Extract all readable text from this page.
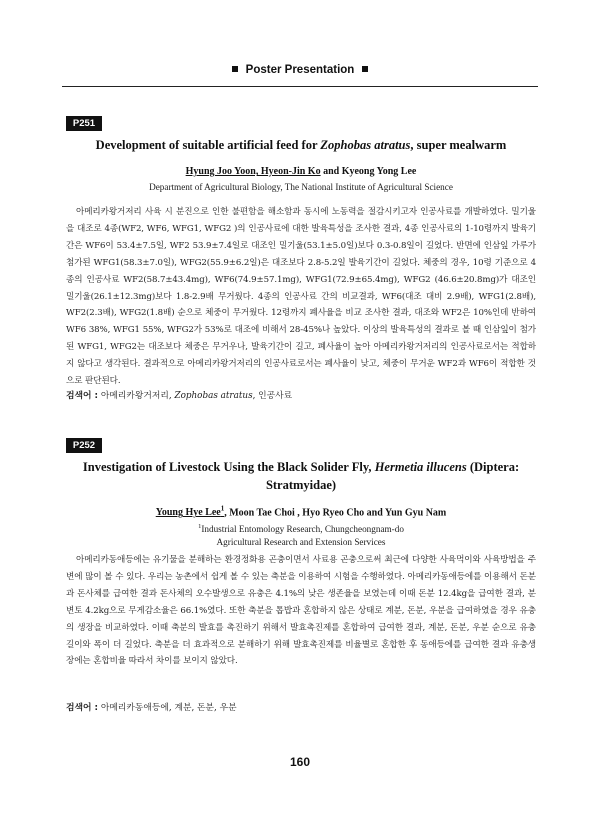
Poster Presentation
P251
Development of suitable artificial feed for Zophobas atratus, super mealwarm
Hyung Joo Yoon, Hyeon-Jin Ko and Kyeong Yong Lee
Department of Agricultural Biology, The National Institute of Agricultural Science
아메리카왕거저리 사육 시 분진으로 인한 불편함을 해소함과 동시에 노동력을 절감시키고자 인공사료를 개발하였다. 밀기울을 대조로 4종(WF2, WF6, WFG1, WFG2 )의 인공사료에 대한 발육특성을 조사한 결과, 4종 인공사료의 1-10령까지 발육기간은 WF6이 53.4±7.5일, WF2 53.9±7.4일로 대조인 밀기울(53.1±5.0일)보다 0.3-0.8일이 길었다. 반면에 인삼잎 가루가 첨가된 WFG1(58.3±7.0일), WFG2(55.9±6.2일)은 대조보다 2.8-5.2일 발육기간이 길었다. 체중의 경우, 10령 기준으로 4종의 인공사료 WF2(58.7±43.4mg), WF6(74.9±57.1mg), WFG1(72.9±65.4mg), WFG2 (46.6±20.8mg)가 대조인 밀기울(26.1±12.3mg)보다 1.8-2.9배 무거웠다. 4종의 인공사료 간의 비교결과, WF6(대조 대비 2.9배), WFG1(2.8배), WF2(2.3배), WFG2(1.8배) 순으로 체중이 무거웠다. 12령까지 폐사율을 비교 조사한 결과, 대조와 WF2은 10%인데 반하여 WF6 38%, WFG1 55%, WFG2가 53%로 대조에 비해서 28-45%나 높았다. 이상의 발육특성의 결과로 볼 때 인삼잎이 첨가된 WFG1, WFG2는 대조보다 체중은 무거우나, 발육기간이 길고, 폐사율이 높아 아메리카왕거저리의 인공사료로서는 적합하지 않다고 생각된다. 결과적으로 아메리카왕거저리의 인공사료로서는 폐사율이 낮고, 체중이 무거운 WF2과 WF6이 적합한 것으로 판단된다.
검색어 : 아메리카왕거저리, Zophobas atratus, 인공사료
P252
Investigation of Livestock Using the Black Solider Fly, Hermetia illucens (Diptera: Stratmyidae)
Young Hye Lee$^1$, Moon Tae Choi , Hyo Ryeo Cho and Yun Gyu Nam
$^1$Industrial Entomology Research, Chungcheongnam-do
Agricultural Research and Extension Services
아메리카동애등에는 유기물을 분해하는 환경정화용 곤충이면서 사료용 곤충으로써 최근에 다양한 사육먹이와 사육방법을 주변에 많이 볼 수 있다. 우리는 농촌에서 쉽게 볼 수 있는 축분을 이용하여 시험을 수행하였다. 아메리카동애등에를 이용해서 돈분과 돈사체를 급여한 결과 돈사체의 오수발생으로 유충은 4.1%의 낮은 생존율을 보였는데 이때 돈분 12.4kg을 급여한 결과, 분변토 4.2kg으로 무게감소율은 66.1%였다. 또한 축분을 톱밥과 혼합하지 않은 상태로 계분, 돈분, 우분을 급여하였을 경우 유충의 생장을 비교하였다. 이때 축분의 발효를 촉진하기 위해서 발효촉진제를 혼합하여 급여한 결과, 계분, 돈분, 우분 순으로 유충길이와 폭이 더 길었다. 축분을 더 효과적으로 분해하기 위해 발효촉진제를 비율별로 혼합한 후 동애등에를 급여한 결과 유충생장에는 혼합비율 따라서 차이를 보이지 않았다.
검색어 : 아메리카동애등에, 계분, 돈분, 우분
160
